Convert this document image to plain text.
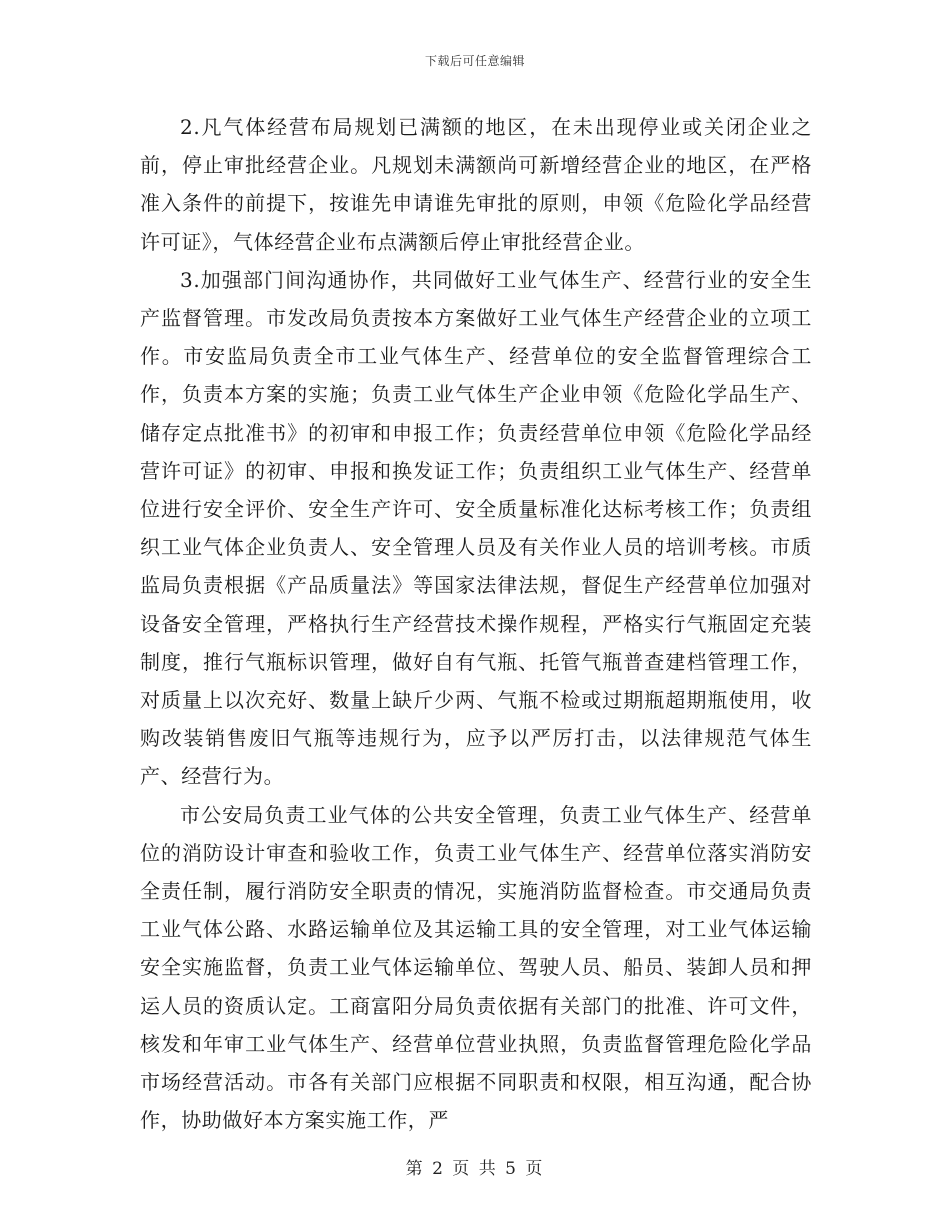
下载后可任意编辑

2.凡气体经营布局规划已满额的地区，在未出现停业或关闭企业之前，停止审批经营企业。凡规划未满额尚可新增经营企业的地区，在严格准入条件的前提下，按谁先申请谁先审批的原则，申领《危险化学品经营许可证》，气体经营企业布点满额后停止审批经营企业。

3.加强部门间沟通协作，共同做好工业气体生产、经营行业的安全生产监督管理。市发改局负责按本方案做好工业气体生产经营企业的立项工作。市安监局负责全市工业气体生产、经营单位的安全监督管理综合工作，负责本方案的实施；负责工业气体生产企业申领《危险化学品生产、储存定点批准书》的初审和申报工作；负责经营单位申领《危险化学品经营许可证》的初审、申报和换发证工作；负责组织工业气体生产、经营单位进行安全评价、安全生产许可、安全质量标准化达标考核工作；负责组织工业气体企业负责人、安全管理人员及有关作业人员的培训考核。市质监局负责根据《产品质量法》等国家法律法规，督促生产经营单位加强对设备安全管理，严格执行生产经营技术操作规程，严格实行气瓶固定充装制度，推行气瓶标识管理，做好自有气瓶、托管气瓶普查建档管理工作，对质量上以次充好、数量上缺斤少两、气瓶不检或过期瓶超期瓶使用，收购改装销售废旧气瓶等违规行为，应予以严厉打击，以法律规范气体生产、经营行为。

市公安局负责工业气体的公共安全管理，负责工业气体生产、经营单位的消防设计审查和验收工作，负责工业气体生产、经营单位落实消防安全责任制，履行消防安全职责的情况，实施消防监督检查。市交通局负责工业气体公路、水路运输单位及其运输工具的安全管理，对工业气体运输安全实施监督，负责工业气体运输单位、驾驶人员、船员、装卸人员和押运人员的资质认定。工商富阳分局负责依据有关部门的批准、许可文件，核发和年审工业气体生产、经营单位营业执照，负责监督管理危险化学品市场经营活动。市各有关部门应根据不同职责和权限，相互沟通，配合协作，协助做好本方案实施工作，严

第 2 页 共 5 页
